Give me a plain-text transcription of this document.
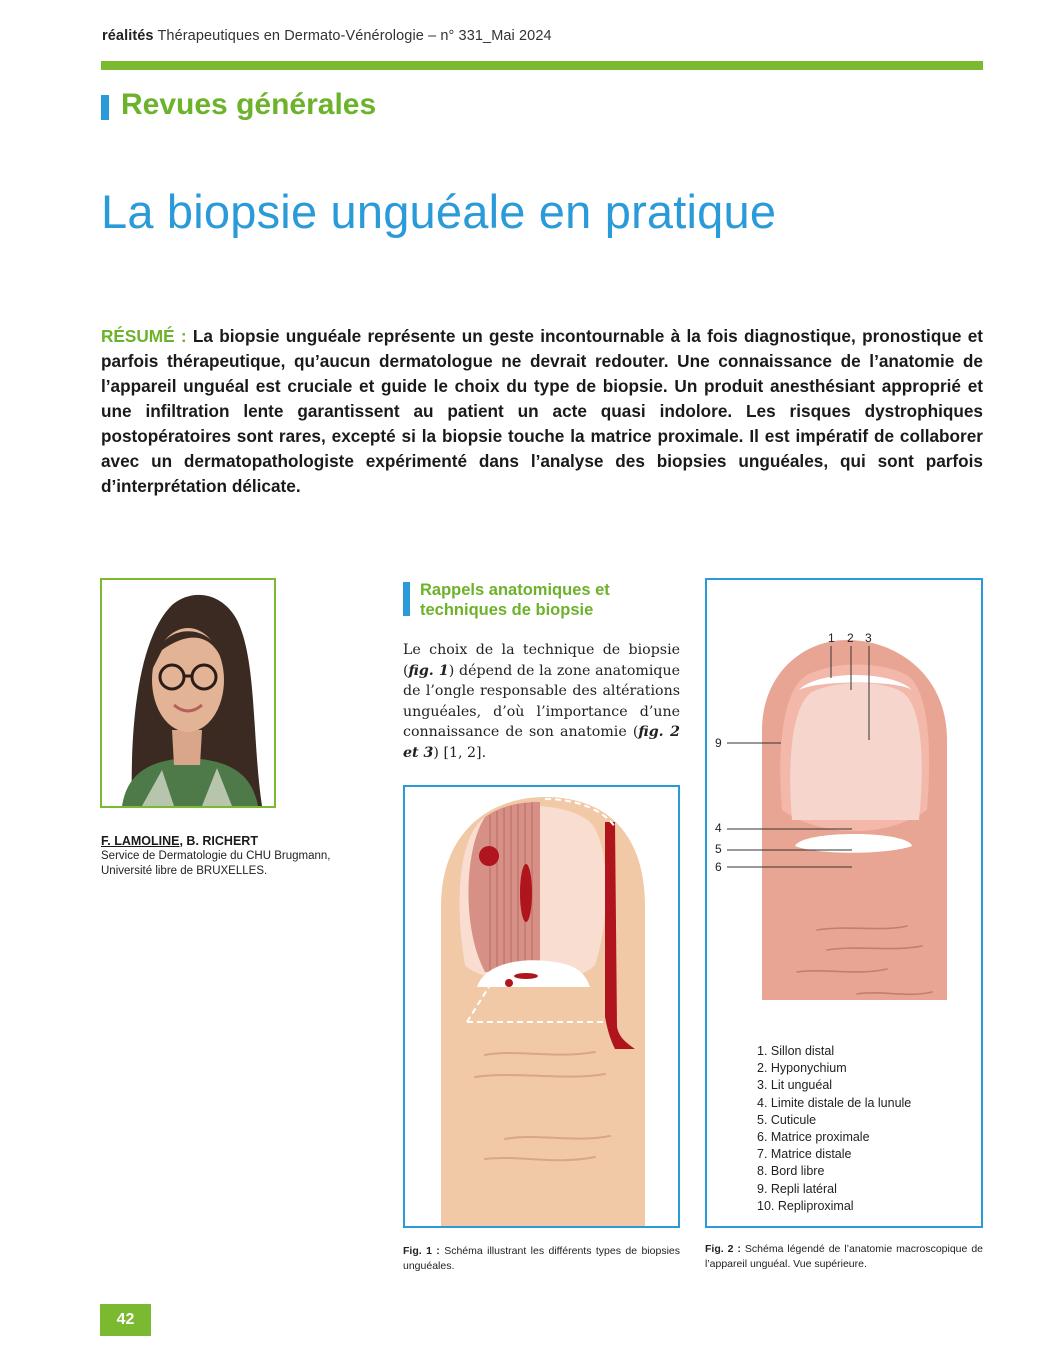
réalités Thérapeutiques en Dermato-Vénérologie – n° 331_Mai 2024
Revues générales
La biopsie unguéale en pratique
RÉSUMÉ : La biopsie unguéale représente un geste incontournable à la fois diagnostique, pronostique et parfois thérapeutique, qu’aucun dermatologue ne devrait redouter. Une connaissance de l’anatomie de l’appareil unguéal est cruciale et guide le choix du type de biopsie. Un produit anesthésiant approprié et une infiltration lente garantissent au patient un acte quasi indolore. Les risques dystrophiques postopératoires sont rares, excepté si la biopsie touche la matrice proximale. Il est impératif de collaborer avec un dermatopathologiste expérimenté dans l’analyse des biopsies unguéales, qui sont parfois d’interprétation délicate.
F. LAMOLINE, B. RICHERT
Service de Dermatologie du CHU Brugmann,
Université libre de BRUXELLES.
Rappels anatomiques et techniques de biopsie
Le choix de la technique de biopsie (fig. 1) dépend de la zone anatomique de l’ongle responsable des altérations unguéales, d’où l’importance d’une connaissance de son anatomie (fig. 2 et 3) [1, 2].
Fig. 1 : Schéma illustrant les différents types de biopsies unguéales.
1 2 3
9
4
5
6
1. Sillon distal
2. Hyponychium
3. Lit unguéal
4. Limite distale de la lunule
5. Cuticule
6. Matrice proximale
7. Matrice distale
8. Bord libre
9. Repli latéral
10. Repliproximal
Fig. 2 : Schéma légendé de l’anatomie macroscopique de l’appareil unguéal. Vue supérieure.
42
